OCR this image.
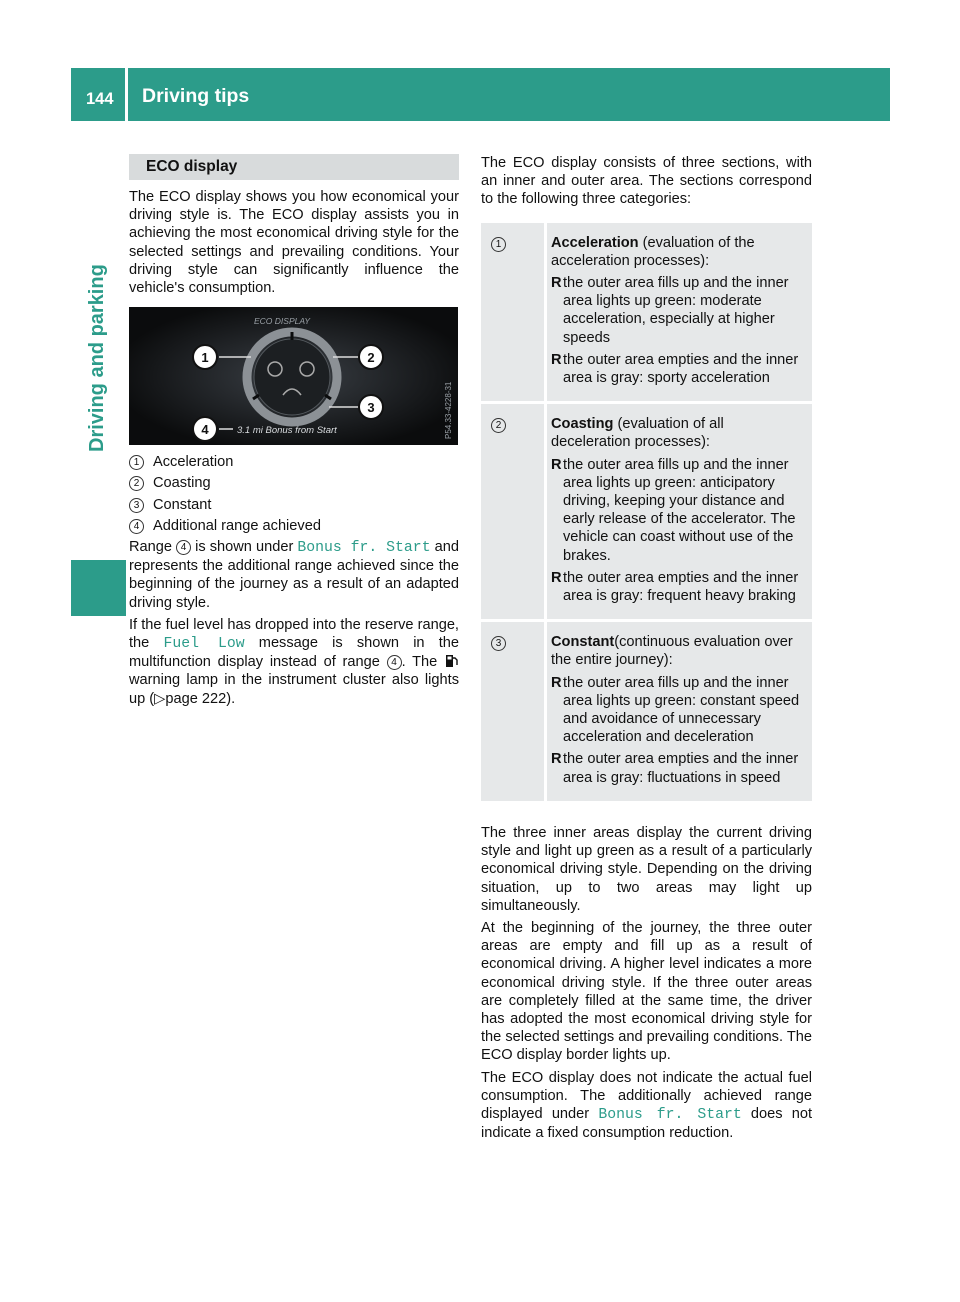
144 Driving tips
Driving and parking
ECO display

The ECO display shows you how economical your driving style is. The ECO display assists you in achieving the most economical driving style for the selected settings and prevailing conditions. Your driving style can significantly influence the vehicle's consumption.

ECO DISPLAY
1	2
3
4	3.1 mi Bonus from Start	P54.33-4228-31
1 Acceleration
2 Coasting
3 Constant
4 Additional range achieved

Range 4 is shown under Bonus fr. Start and represents the additional range achieved since the beginning of the journey as a result of an adapted driving style.

If the fuel level has dropped into the reserve range, the Fuel Low message is shown in the multifunction display instead of range 4 . The  warning lamp in the instrument cluster also lights up (▷page 222).

The ECO display consists of three sections, with an inner and outer area. The sections correspond to the following three categories:

1	Acceleration (evaluation of the acceleration processes):
R the outer area fills up and the inner area lights up green: moderate acceleration, especially at higher speeds
R the outer area empties and the inner area is gray: sporty acceleration
2	Coasting (evaluation of all deceleration processes):
R the outer area fills up and the inner area lights up green: anticipatory driving, keeping your distance and early release of the accelerator. The vehicle can coast without use of the brakes.
R the outer area empties and the inner area is gray: frequent heavy braking
3	Constant(continuous evaluation over the entire journey):
R the outer area fills up and the inner area lights up green: constant speed and avoidance of unnecessary acceleration and deceleration
R the outer area empties and the inner area is gray: fluctuations in speed

The three inner areas display the current driving style and light up green as a result of a particularly economical driving style. Depending on the driving situation, up to two areas may light up simultaneously.

At the beginning of the journey, the three outer areas are empty and fill up as a result of economical driving. A higher level indicates a more economical driving style. If the three outer areas are completely filled at the same time, the driver has adopted the most economical driving style for the selected settings and prevailing conditions. The ECO display border lights up.

The ECO display does not indicate the actual fuel consumption. The additionally achieved range displayed under Bonus fr. Start does not indicate a fixed consumption reduction.
